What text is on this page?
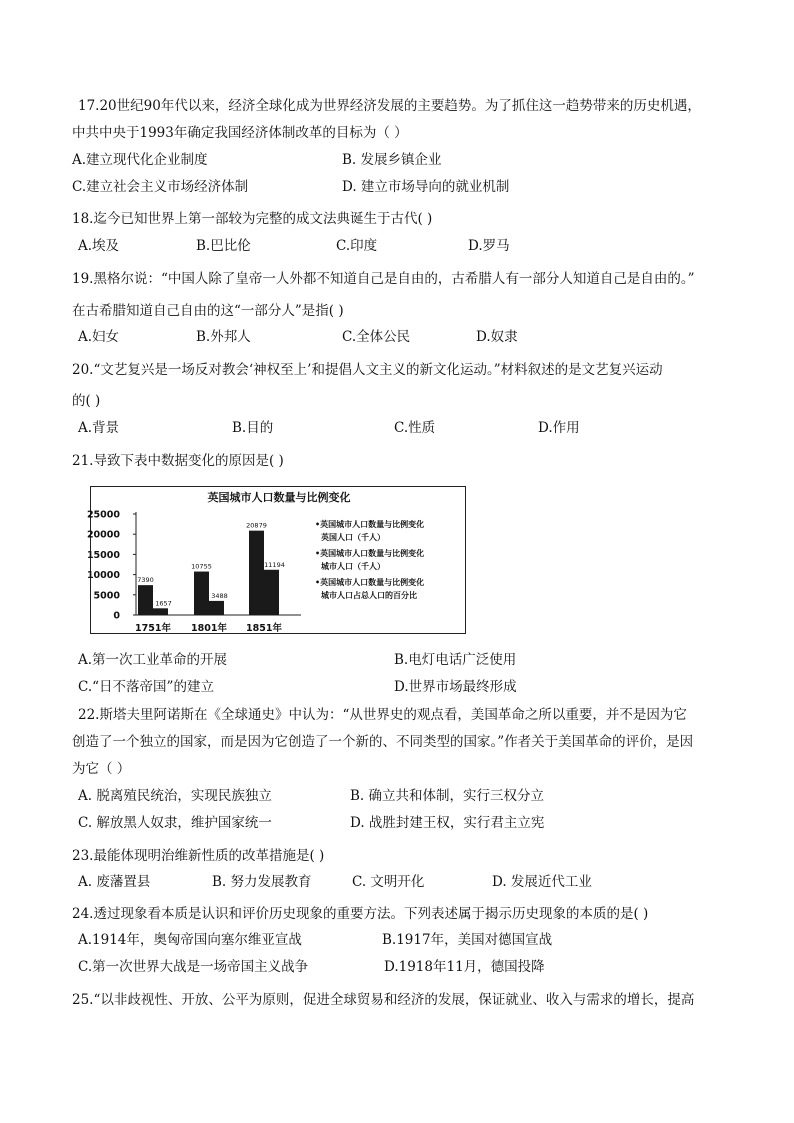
17.20世纪90年代以来，经济全球化成为世界经济发展的主要趋势。为了抓住这一趋势带来的历史机遇，
中共中央于1993年确定我国经济体制改革的目标为（ ）
A.建立现代化企业制度	B. 发展乡镇企业
C.建立社会主义市场经济体制	D. 建立市场导向的就业机制
18.迄今已知世界上第一部较为完整的成文法典诞生于古代( )
A.埃及	B.巴比伦	C.印度	D.罗马
19.黑格尔说：“中国人除了皇帝一人外都不知道自己是自由的，古希腊人有一部分人知道自己是自由的。”
在古希腊知道自己自由的这“一部分人”是指( )
A.妇女	B.外邦人	C.全体公民	D.奴隶
20.“文艺复兴是一场反对教会‘神权至上’和提倡人文主义的新文化运动。”材料叙述的是文艺复兴运动
的( )
A.背景	B.目的	C.性质	D.作用
21.导致下表中数据变化的原因是( )
英国城市人口数量与比例变化
25000
20000
15000
10000
5000
0
7390
1657
1751年
10755
3488
1801年
20879
11194
1851年
•英国城市人口数量与比例变化
英国人口（千人）
•英国城市人口数量与比例变化
城市人口（千人）
•英国城市人口数量与比例变化
城市人口占总人口的百分比
A.第一次工业革命的开展	B.电灯电话广泛使用
C.“日不落帝国”的建立	D.世界市场最终形成
22.斯塔夫里阿诺斯在《全球通史》中认为：“从世界史的观点看，美国革命之所以重要，并不是因为它
创造了一个独立的国家，而是因为它创造了一个新的、不同类型的国家。”作者关于美国革命的评价，是因
为它（ ）
A. 脱离殖民统治，实现民族独立	B. 确立共和体制，实行三权分立
C. 解放黑人奴隶，维护国家统一	D. 战胜封建王权，实行君主立宪
23.最能体现明治维新性质的改革措施是( )
A. 废藩置县	B. 努力发展教育	C. 文明开化	D. 发展近代工业
24.透过现象看本质是认识和评价历史现象的重要方法。下列表述属于揭示历史现象的本质的是( )
A.1914年，奥匈帝国向塞尔维亚宣战	B.1917年，美国对德国宣战
C.第一次世界大战是一场帝国主义战争	D.1918年11月，德国投降
25.“以非歧视性、开放、公平为原则，促进全球贸易和经济的发展，保证就业、收入与需求的增长，提高
